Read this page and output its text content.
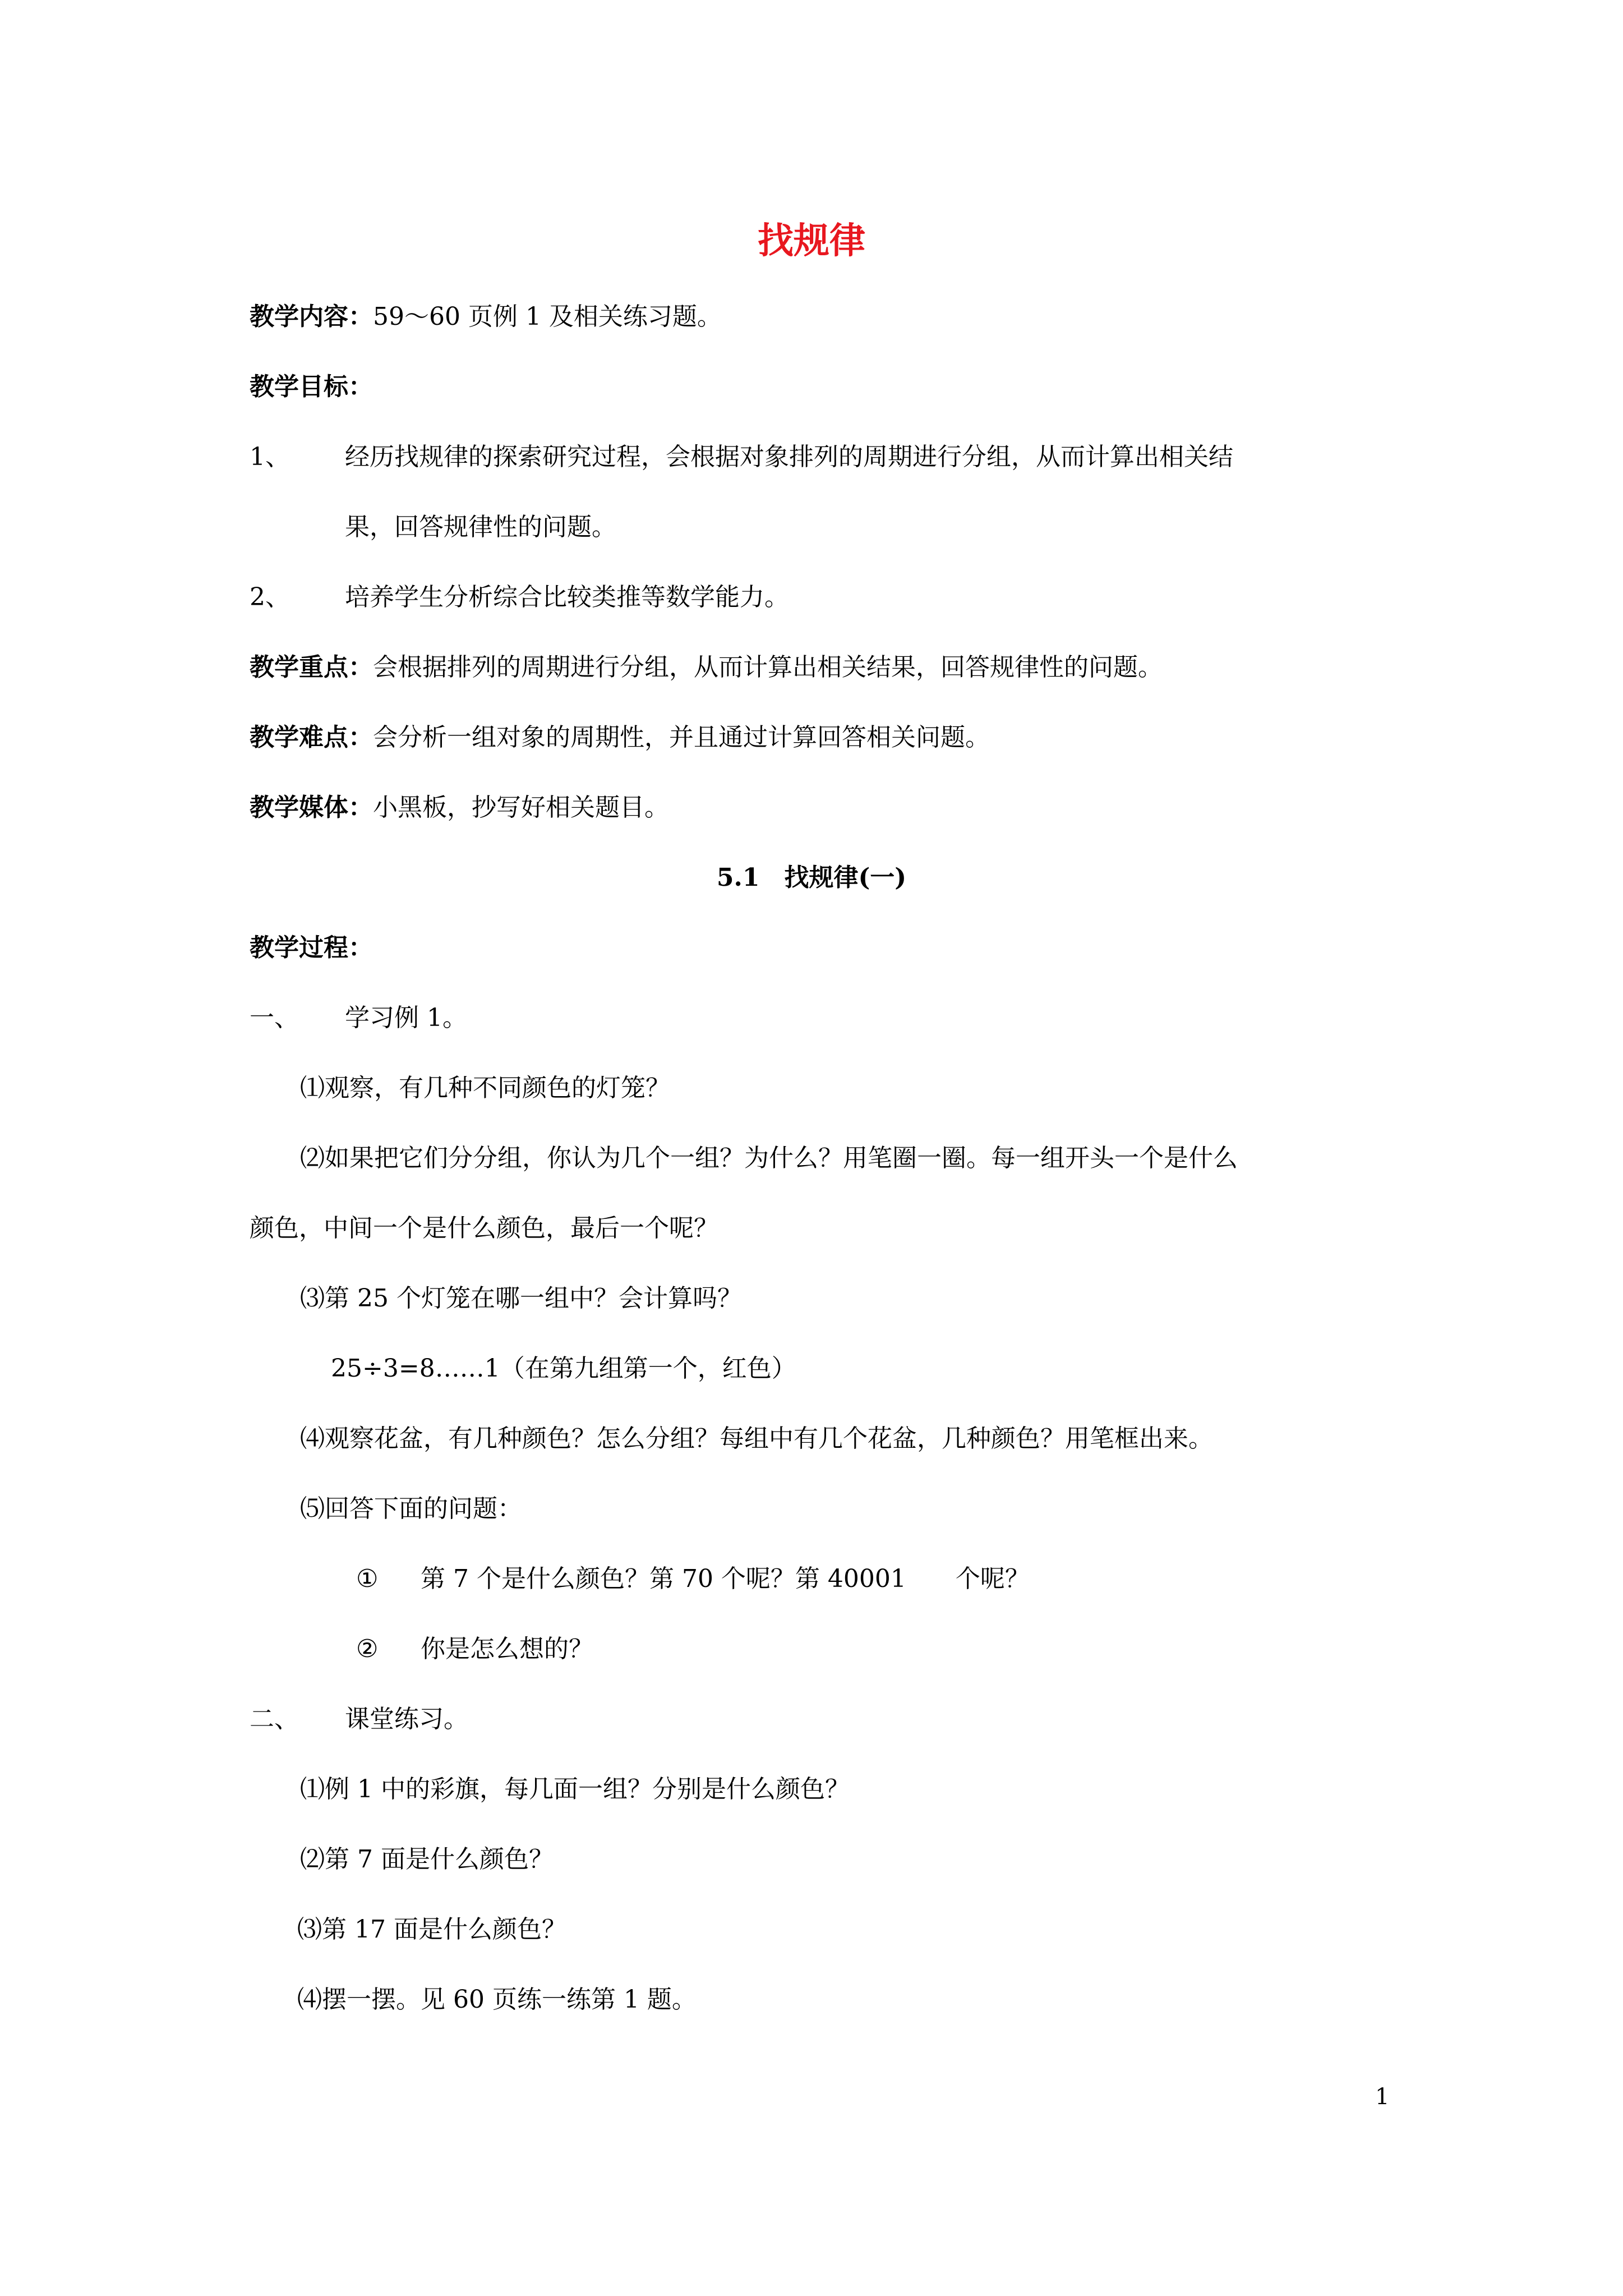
找规律
教学内容： 59～60 页例 1 及相关练习题。
教学目标：
1、 经历找规律的探索研究过程，会根据对象排列的周期进行分组，从而计算出相关结
果，回答规律性的问题。
2、 培养学生分析综合比较类推等数学能力。
教学重点： 会根据排列的周期进行分组，从而计算出相关结果，回答规律性的问题。
教学难点： 会分析一组对象的周期性，并且通过计算回答相关问题。
教学媒体： 小黑板，抄写好相关题目。
5.1　找规律(一)
教学过程：
一、 学习例 1。
⑴观察，有几种不同颜色的灯笼？
⑵如果把它们分分组，你认为几个一组？为什么？用笔圈一圈。每一组开头一个是什么
颜色，中间一个是什么颜色，最后一个呢？
⑶第 25 个灯笼在哪一组中？会计算吗？
25÷3=8……1（在第九组第一个，红色）
⑷观察花盆，有几种颜色？怎么分组？每组中有几个花盆，几种颜色？用笔框出来。
⑸回答下面的问题：
① 第 7 个是什么颜色？第 70 个呢？第 40001　　个呢？
② 你是怎么想的？
二、 课堂练习。
⑴例 1 中的彩旗，每几面一组？分别是什么颜色？
⑵第 7 面是什么颜色？
⑶第 17 面是什么颜色？
⑷摆一摆。见 60 页练一练第 1 题。
1
